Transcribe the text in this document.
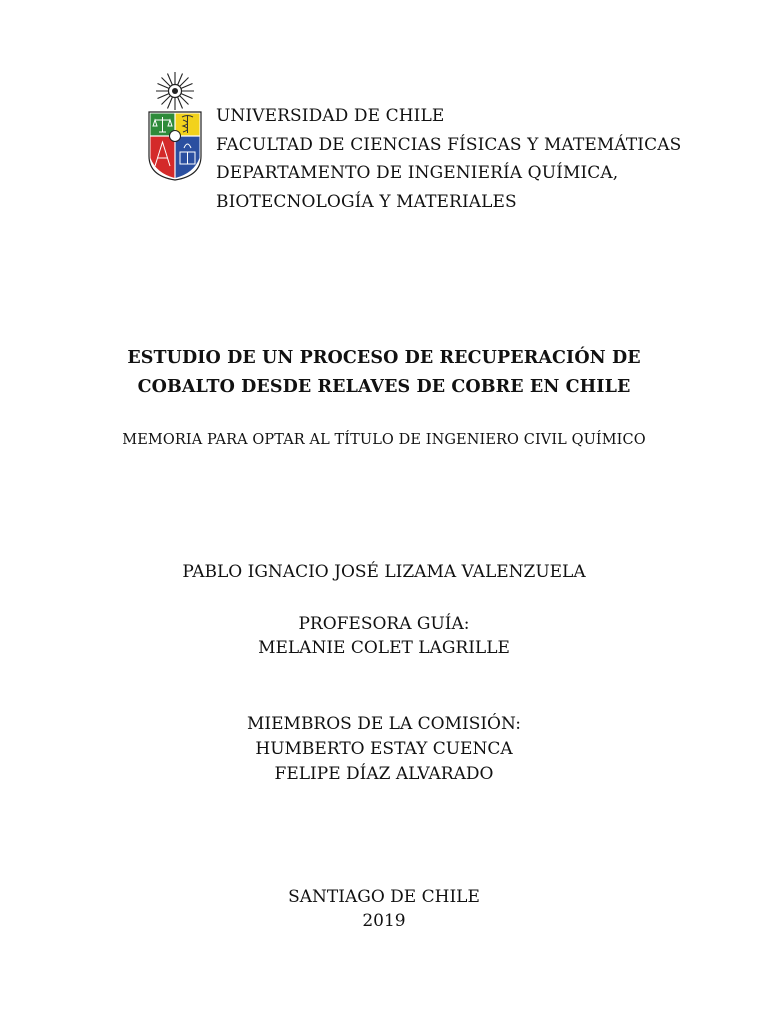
UNIVERSIDAD DE CHILE
FACULTAD DE CIENCIAS FÍSICAS Y MATEMÁTICAS
DEPARTAMENTO DE INGENIERÍA QUÍMICA,
BIOTECNOLOGÍA Y MATERIALES
ESTUDIO DE UN PROCESO DE RECUPERACIÓN DE
COBALTO DESDE RELAVES DE COBRE EN CHILE
MEMORIA PARA OPTAR AL TÍTULO DE INGENIERO CIVIL QUÍMICO
PABLO IGNACIO JOSÉ LIZAMA VALENZUELA
PROFESORA GUÍA:
MELANIE COLET LAGRILLE
MIEMBROS DE LA COMISIÓN:
HUMBERTO ESTAY CUENCA
FELIPE DÍAZ ALVARADO
SANTIAGO DE CHILE
2019
